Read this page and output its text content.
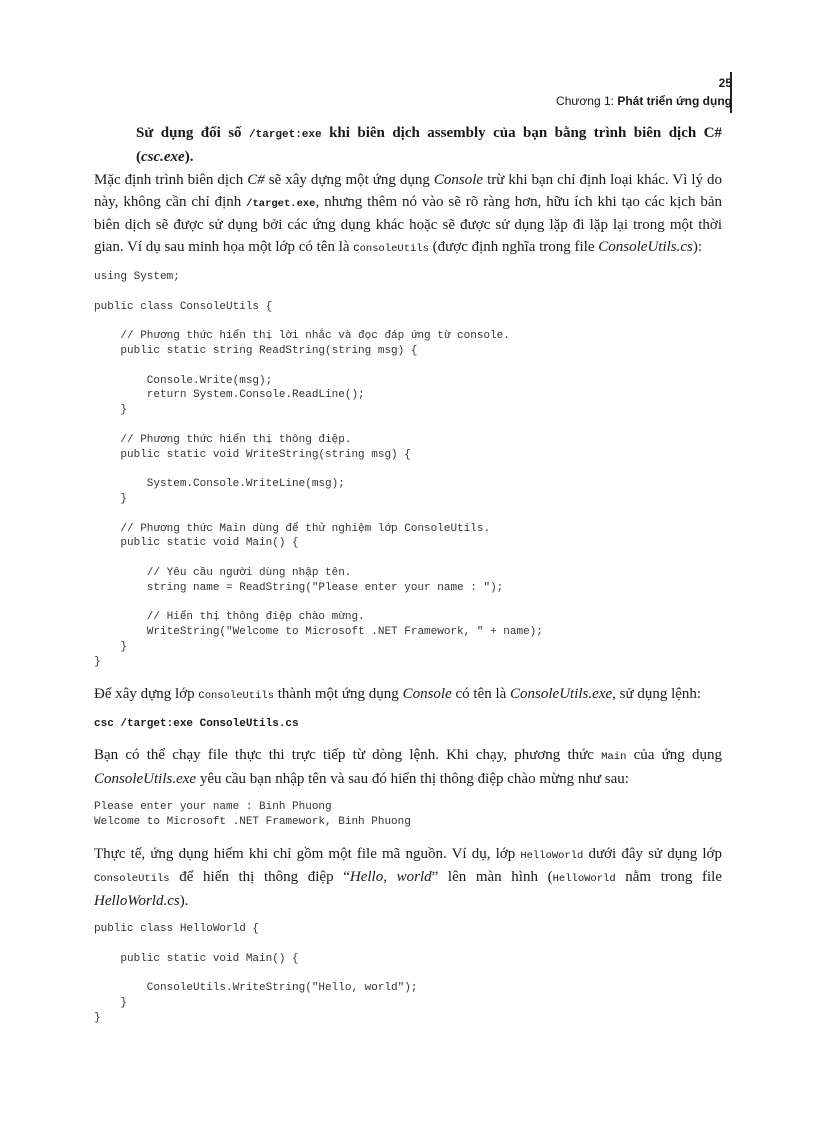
25
Chương 1: Phát triển ứng dụng

Sử dụng đối số /target:exe khi biên dịch assembly của bạn bằng trình biên dịch C# (csc.exe).

Mặc định trình biên dịch C# sẽ xây dựng một ứng dụng Console trừ khi bạn chỉ định loại khác. Vì lý do này, không cần chỉ định /target.exe, nhưng thêm nó vào sẽ rõ ràng hơn, hữu ích khi tạo các kịch bản biên dịch sẽ được sử dụng bởi các ứng dụng khác hoặc sẽ được sử dụng lặp đi lặp lại trong một thời gian. Ví dụ sau minh họa một lớp có tên là ConsoleUtils (được định nghĩa trong file ConsoleUtils.cs):

using System;

public class ConsoleUtils {

// Phương thức hiển thị lời nhắc và đọc đáp ứng từ console.
public static string ReadString(string msg) {

Console.Write(msg);
return System.Console.ReadLine();
}

// Phương thức hiển thị thông điệp.
public static void WriteString(string msg) {

System.Console.WriteLine(msg);
}

// Phương thức Main dùng để thử nghiệm lớp ConsoleUtils.
public static void Main() {

// Yêu cầu người dùng nhập tên.
string name = ReadString("Please enter your name : ");

// Hiển thị thông điệp chào mừng.
WriteString("Welcome to Microsoft .NET Framework, " + name);
}
}

Để xây dựng lớp ConsoleUtils thành một ứng dụng Console có tên là ConsoleUtils.exe, sử dụng lệnh:

csc /target:exe ConsoleUtils.cs

Bạn có thể chạy file thực thi trực tiếp từ dòng lệnh. Khi chạy, phương thức Main của ứng dụng ConsoleUtils.exe yêu cầu bạn nhập tên và sau đó hiển thị thông điệp chào mừng như sau:

Please enter your name : Binh Phuong
Welcome to Microsoft .NET Framework, Binh Phuong

Thực tế, ứng dụng hiếm khi chỉ gồm một file mã nguồn. Ví dụ, lớp HelloWorld dưới đây sử dụng lớp ConsoleUtils để hiển thị thông điệp “Hello, world” lên màn hình (HelloWorld nằm trong file HelloWorld.cs).

public class HelloWorld {

public static void Main() {

ConsoleUtils.WriteString("Hello, world");
}
}
